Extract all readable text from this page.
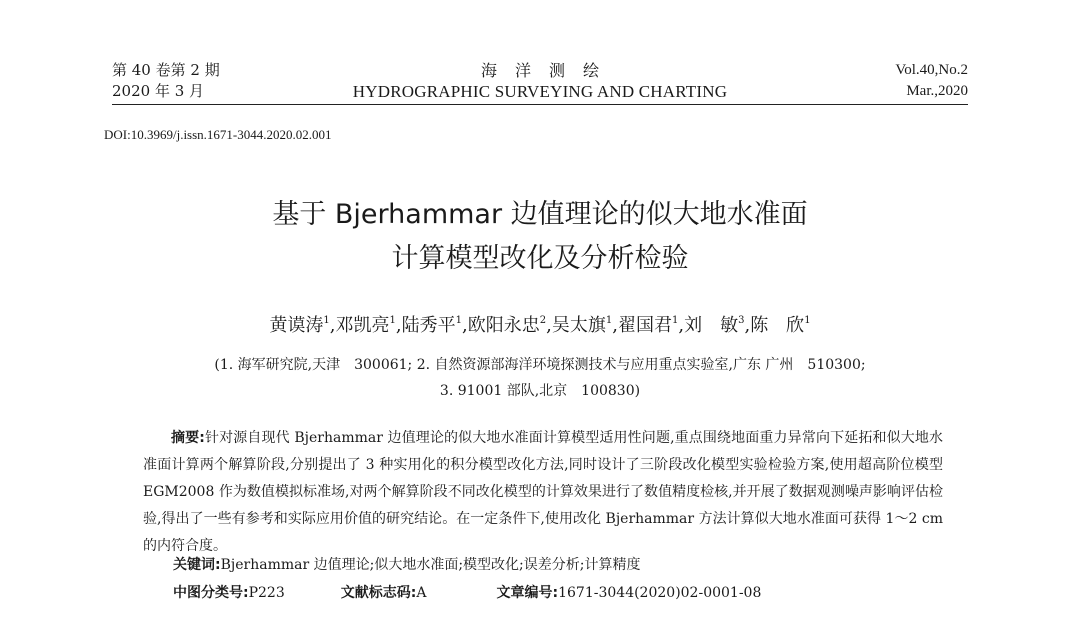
第 40 卷第 2 期
2020 年 3 月
海洋测绘
HYDROGRAPHIC SURVEYING AND CHARTING
Vol.40,No.2
Mar.,2020
DOI:10.3969/j.issn.1671-3044.2020.02.001
基于 Bjerhammar 边值理论的似大地水准面
计算模型改化及分析检验
黄谟涛$^1$,邓凯亮$^1$,陆秀平$^1$,欧阳永忠$^2$,吴太旗$^1$,翟国君$^1$,刘　敏$^3$,陈　欣$^1$
(1. 海军研究院,天津　300061; 2. 自然资源部海洋环境探测技术与应用重点实验室,广东 广州　510300;
3. 91001 部队,北京　100830)
摘要:针对源自现代 Bjerhammar 边值理论的似大地水准面计算模型适用性问题,重点围绕地面重力异常向下延拓和似大地水准面计算两个解算阶段,分别提出了 3 种实用化的积分模型改化方法,同时设计了三阶段改化模型实验检验方案,使用超高阶位模型 EGM2008 作为数值模拟标准场,对两个解算阶段不同改化模型的计算效果进行了数值精度检核,并开展了数据观测噪声影响评估检验,得出了一些有参考和实际应用价值的研究结论。在一定条件下,使用改化 Bjerhammar 方法计算似大地水准面可获得 1～2 cm 的内符合度。
关键词:Bjerhammar 边值理论;似大地水准面;模型改化;误差分析;计算精度
中图分类号:P223	文献标志码:A	文章编号:1671-3044(2020)02-0001-08
